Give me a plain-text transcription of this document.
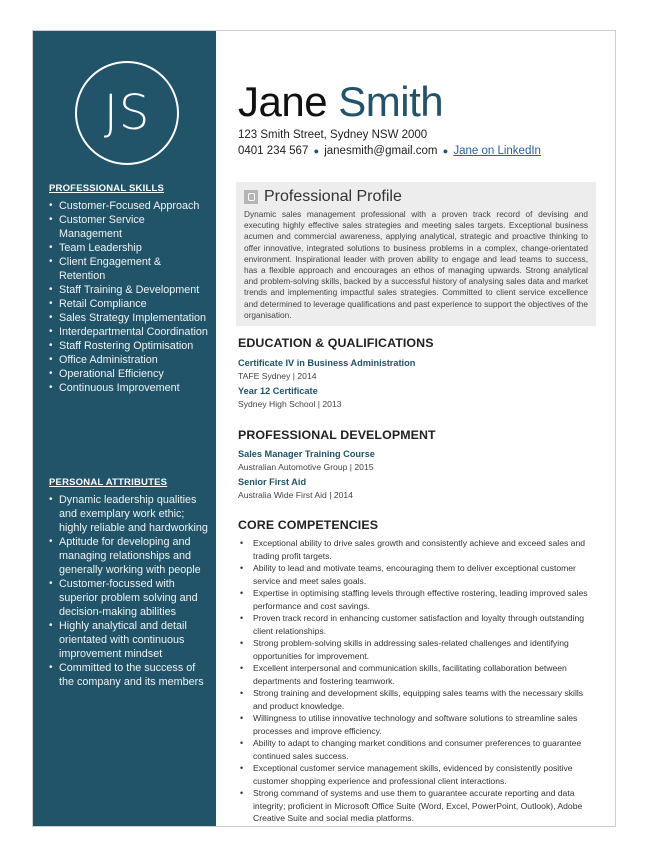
JS
PROFESSIONAL SKILLS
• Customer-Focused Approach
• Customer Service Management
• Team Leadership
• Client Engagement & Retention
• Staff Training & Development
• Retail Compliance
• Sales Strategy Implementation
• Interdepartmental Coordination
• Staff Rostering Optimisation
• Office Administration
• Operational Efficiency
• Continuous Improvement
PERSONAL ATTRIBUTES
• Dynamic leadership qualities and exemplary work ethic; highly reliable and hardworking
• Aptitude for developing and managing relationships and generally working with people
• Customer-focussed with superior problem solving and decision-making abilities
• Highly analytical and detail orientated with continuous improvement mindset
• Committed to the success of the company and its members
Jane Smith
123 Smith Street, Sydney NSW 2000
0401 234 567 ● janesmith@gmail.com ● Jane on LinkedIn
Professional Profile
Dynamic sales management professional with a proven track record of devising and executing highly effective sales strategies and meeting sales targets. Exceptional business acumen and commercial awareness, applying analytical, strategic and proactive thinking to offer innovative, integrated solutions to business problems in a complex, change-orientated environment. Inspirational leader with proven ability to engage and lead teams to success, has a flexible approach and encourages an ethos of managing upwards. Strong analytical and problem-solving skills, backed by a successful history of analysing sales data and market trends and implementing impactful sales strategies. Committed to client service excellence and determined to leverage qualifications and past experience to support the objectives of the organisation.
EDUCATION & QUALIFICATIONS
Certificate IV in Business Administration
TAFE Sydney | 2014
Year 12 Certificate
Sydney High School | 2013
PROFESSIONAL DEVELOPMENT
Sales Manager Training Course
Australian Automotive Group | 2015
Senior First Aid
Australia Wide First Aid | 2014
CORE COMPETENCIES
• Exceptional ability to drive sales growth and consistently achieve and exceed sales and trading profit targets.
• Ability to lead and motivate teams, encouraging them to deliver exceptional customer service and meet sales goals.
• Expertise in optimising staffing levels through effective rostering, leading improved sales performance and cost savings.
• Proven track record in enhancing customer satisfaction and loyalty through outstanding client relationships.
• Strong problem-solving skills in addressing sales-related challenges and identifying opportunities for improvement.
• Excellent interpersonal and communication skills, facilitating collaboration between departments and fostering teamwork.
• Strong training and development skills, equipping sales teams with the necessary skills and product knowledge.
• Willingness to utilise innovative technology and software solutions to streamline sales processes and improve efficiency.
• Ability to adapt to changing market conditions and consumer preferences to guarantee continued sales success.
• Exceptional customer service management skills, evidenced by consistently positive customer shopping experience and professional client interactions.
• Strong command of systems and use them to guarantee accurate reporting and data integrity; proficient in Microsoft Office Suite (Word, Excel, PowerPoint, Outlook), Adobe Creative Suite and social media platforms.
